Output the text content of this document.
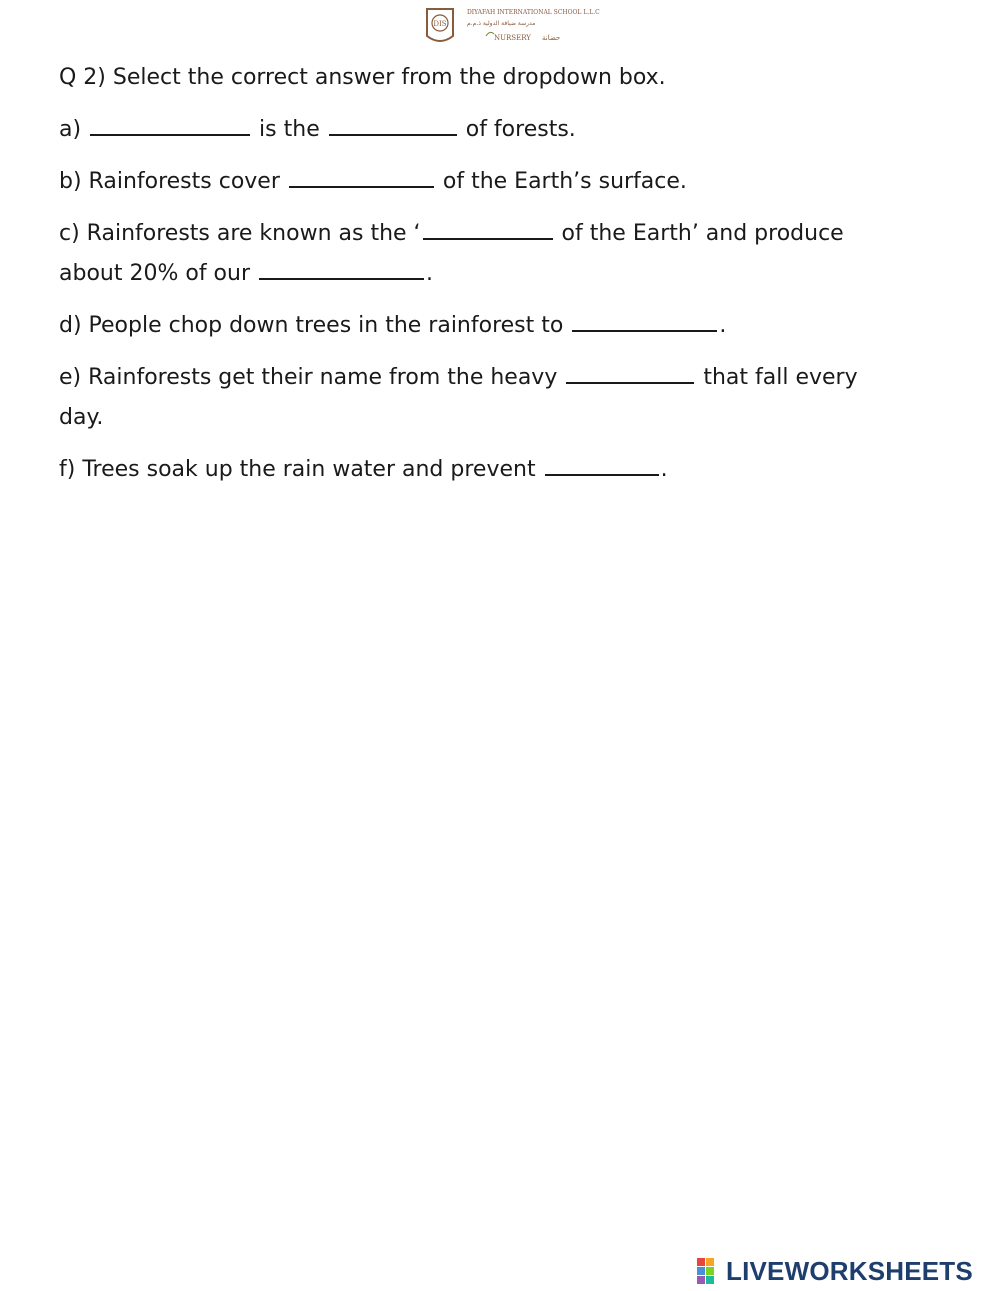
DIS
DIYAFAH INTERNATIONAL SCHOOL L.L.C
مدرسة ضيافة الدولية ذ.م.م
NURSERY حضانة
Q 2) Select the correct answer from the dropdown box.
a)	is the	of forests.
b) Rainforests cover	of the Earth’s surface.
c) Rainforests are known as the ‘	of the Earth’ and produce
about 20% of our	.
d) People chop down trees in the rainforest to	.
e) Rainforests get their name from the heavy	that fall every
day.
f) Trees soak up the rain water and prevent	.
LIVEWORKSHEETS
